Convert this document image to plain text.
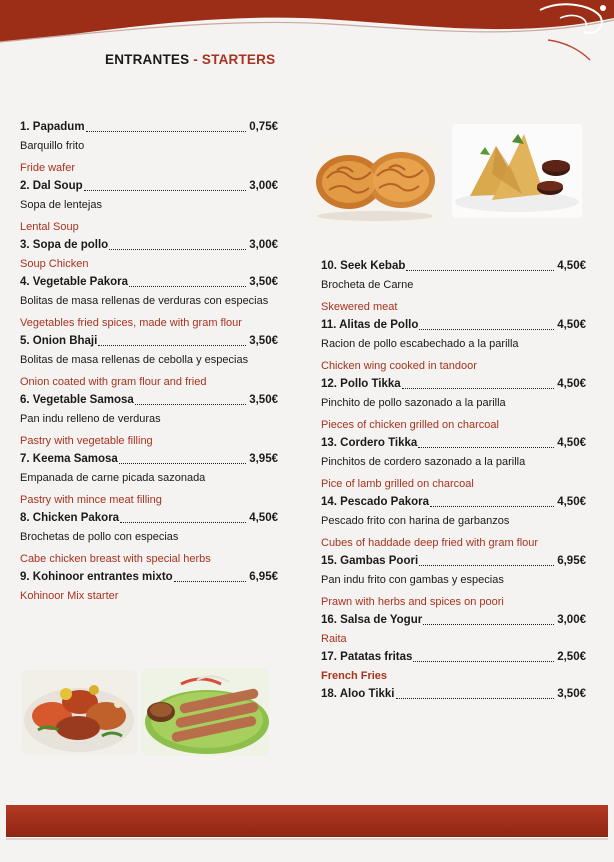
ENTRANTES - STARTERS
1. Papadum	0,75€
Barquillo frito
Fride wafer
2. Dal Soup	3,00€
Sopa de lentejas
Lental Soup
3. Sopa de pollo	3,00€
Soup Chicken
4. Vegetable Pakora	3,50€
Bolitas de masa rellenas de verduras con especias
Vegetables fried spices, made with gram flour
5. Onion Bhaji	3,50€
Bolitas de masa rellenas de cebolla y especias
Onion coated with gram flour and fried
6. Vegetable Samosa	3,50€
Pan indu relleno de verduras
Pastry with vegetable filling
7. Keema Samosa	3,95€
Empanada de carne picada sazonada
Pastry with mince meat filling
8. Chicken Pakora	4,50€
Brochetas de pollo con especias
Cabe chicken breast with special herbs
9. Kohinoor entrantes mixto	6,95€
Kohinoor Mix starter
10. Seek Kebab	4,50€
Brocheta de Carne
Skewered meat
11. Alitas de Pollo	4,50€
Racion de pollo escabechado a la parilla
Chicken wing cooked in tandoor
12. Pollo Tikka	4,50€
Pinchito de pollo sazonado a la parilla
Pieces of chicken grilled on charcoal
13. Cordero Tikka	4,50€
Pinchitos de cordero sazonado a la parilla
Pice of lamb grilled on charcoal
14. Pescado Pakora	4,50€
Pescado frito con harina de garbanzos
Cubes of haddade deep fried with gram flour
15. Gambas Poori	6,95€
Pan indu frito con gambas y especias
Prawn with herbs and spices on poori
16. Salsa de Yogur	3,00€
Raita
17. Patatas fritas	2,50€
French Fries
18. Aloo Tikki	3,50€
